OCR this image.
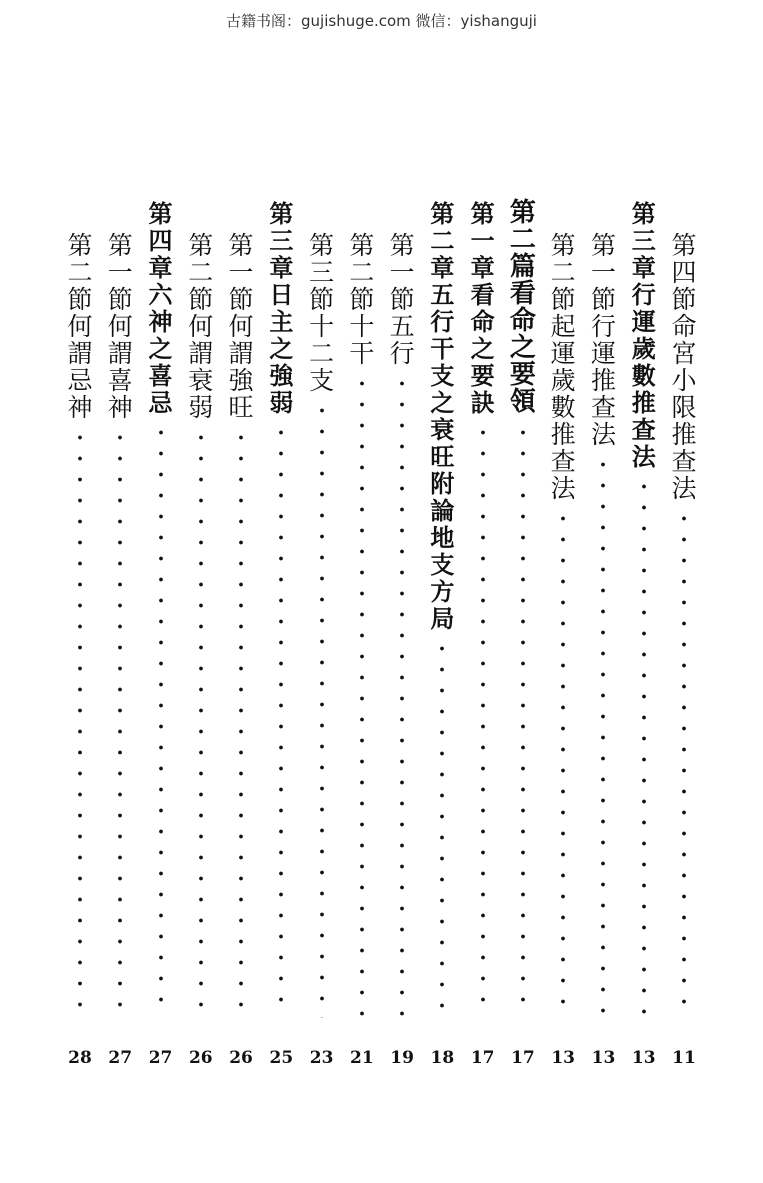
古籍书阁：gujishuge.com 微信：yishanguji
第四節　命宮小限推查法
11
第三章　行運歲數推查法
13
第一節　行運推查法
13
第二節　起運歲數推查法
13
第二篇　看命之要領
17
第一章　看命之要訣
17
第二章　五行干支之衰旺　附論地支方局
18
第一節　五行
19
第二節　十干
21
第三節　十二支
23
第三章　日主之強弱
25
第一節　何謂強旺
26
第二節　何謂衰弱
26
第四章　六神之喜忌
27
第一節　何謂喜神
27
第二節　何謂忌神
28
